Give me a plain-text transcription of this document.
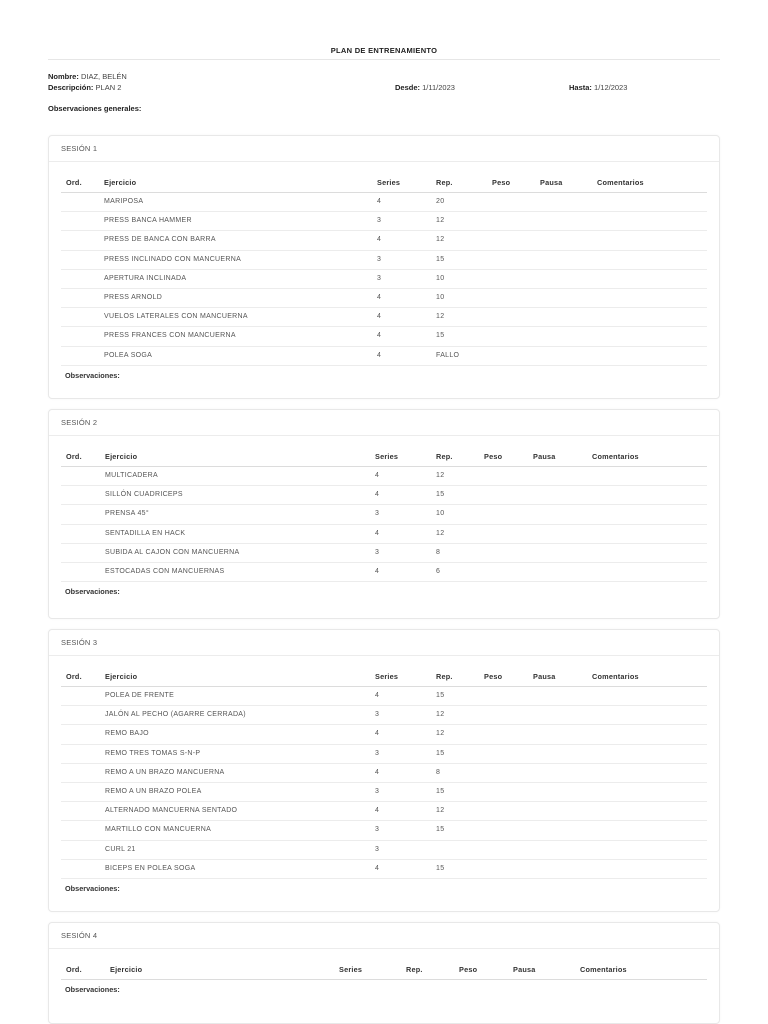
PLAN DE ENTRENAMIENTO
Nombre: DIAZ, BELÉN
Descripción: PLAN 2	Desde: 1/11/2023	Hasta: 1/12/2023
Observaciones generales:
SESIÓN 1
Ord.	Ejercicio	Series	Rep.	Peso	Pausa	Comentarios
MARIPOSA	4	20
PRESS BANCA HAMMER	3	12
PRESS DE BANCA CON BARRA	4	12
PRESS INCLINADO CON MANCUERNA	3	15
APERTURA INCLINADA	3	10
PRESS ARNOLD	4	10
VUELOS LATERALES CON MANCUERNA	4	12
PRESS FRANCES CON MANCUERNA	4	15
POLEA SOGA	4	FALLO
Observaciones:
SESIÓN 2
Ord.	Ejercicio	Series	Rep.	Peso	Pausa	Comentarios
MULTICADERA	4	12
SILLÓN CUADRICEPS	4	15
PRENSA 45°	3	10
SENTADILLA EN HACK	4	12
SUBIDA AL CAJON CON MANCUERNA	3	8
ESTOCADAS CON MANCUERNAS	4	6
Observaciones:
SESIÓN 3
Ord.	Ejercicio	Series	Rep.	Peso	Pausa	Comentarios
POLEA DE FRENTE	4	15
JALÓN AL PECHO (AGARRE CERRADA)	3	12
REMO BAJO	4	12
REMO TRES TOMAS S-N-P	3	15
REMO A UN BRAZO MANCUERNA	4	8
REMO A UN BRAZO POLEA	3	15
ALTERNADO MANCUERNA SENTADO	4	12
MARTILLO CON MANCUERNA	3	15
CURL 21	3
BICEPS EN POLEA SOGA	4	15
Observaciones:
SESIÓN 4
Ord.	Ejercicio	Series	Rep.	Peso	Pausa	Comentarios
Observaciones:
